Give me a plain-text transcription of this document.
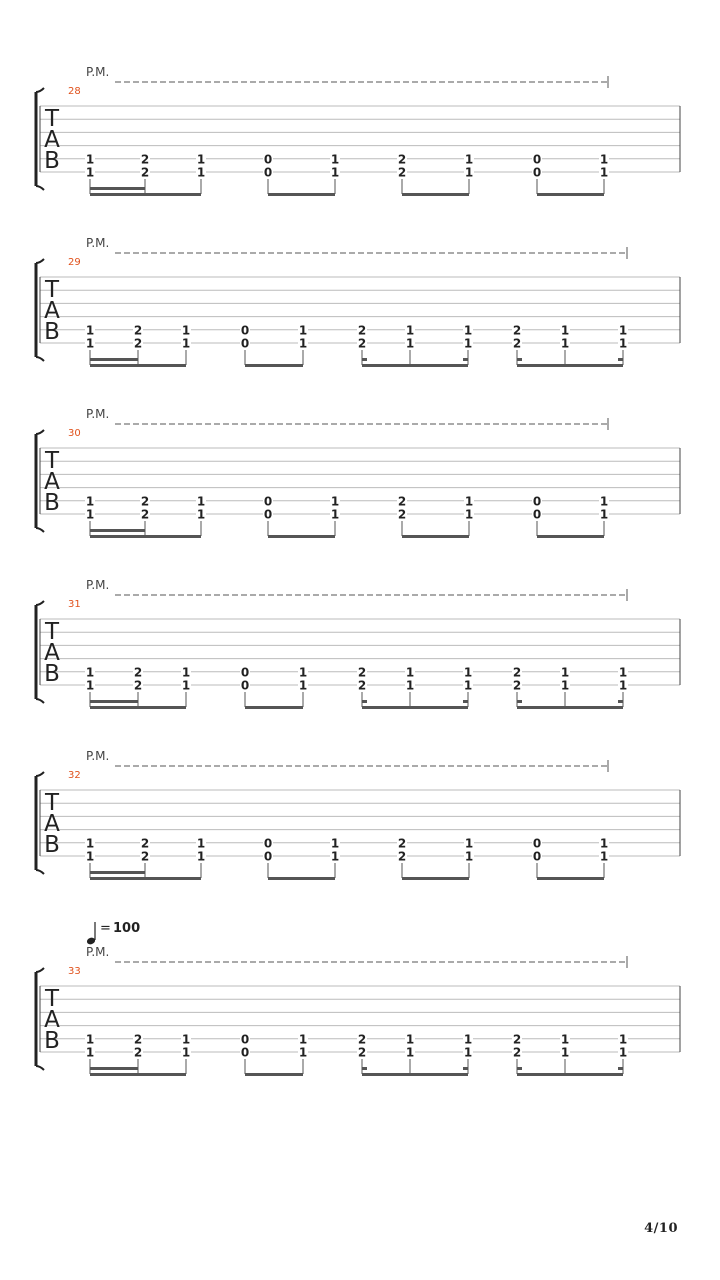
T
A
B
28
P.M.
1
1
2
2
1
1
0
0
1
1
2
2
1
1
0
0
1
1
T
A
B
29
P.M.
1
1
2
2
1
1
0
0
1
1
2
2
1
1
1
1
2
2
1
1
1
1
T
A
B
30
P.M.
1
1
2
2
1
1
0
0
1
1
2
2
1
1
0
0
1
1
T
A
B
31
P.M.
1
1
2
2
1
1
0
0
1
1
2
2
1
1
1
1
2
2
1
1
1
1
T
A
B
32
P.M.
1
1
2
2
1
1
0
0
1
1
2
2
1
1
0
0
1
1
T
A
B
33
P.M.
= 100
1
1
2
2
1
1
0
0
1
1
2
2
1
1
1
1
2
2
1
1
1
1
4/10
